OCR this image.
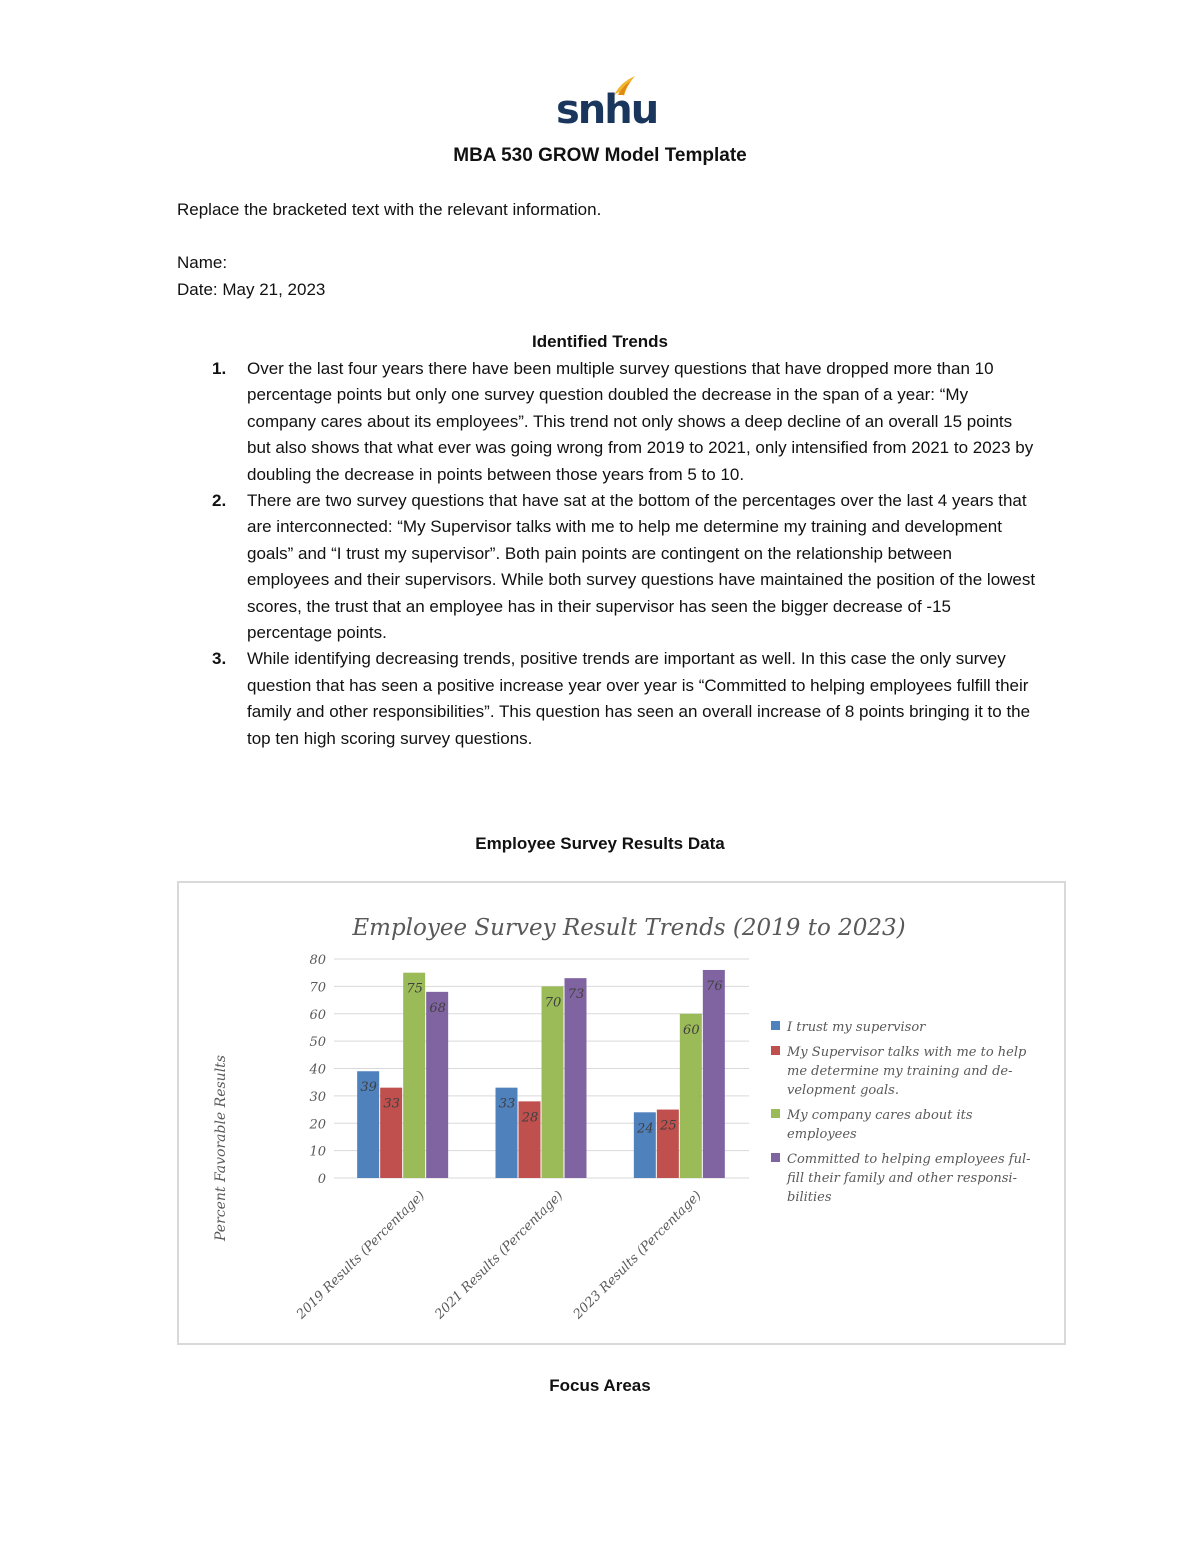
snhu
MBA 530 GROW Model Template

Replace the bracketed text with the relevant information.

Name:

Date: May 21, 2023

Identified Trends

1.	Over the last four years there have been multiple survey questions that have dropped more than 10 percentage points but only one survey question doubled the decrease in the span of a year: “My company cares about its employees”. This trend not only shows a deep decline of an overall 15 points but also shows that what ever was going wrong from 2019 to 2021, only intensified from 2021 to 2023 by doubling the decrease in points between those years from 5 to 10.
2.	There are two survey questions that have sat at the bottom of the percentages over the last 4 years that are interconnected: “My Supervisor talks with me to help me determine my training and development goals” and “I trust my supervisor”. Both pain points are contingent on the relationship between employees and their supervisors. While both survey questions have maintained the position of the lowest scores, the trust that an employee has in their supervisor has seen the bigger decrease of -15 percentage points.
3.	While identifying decreasing trends, positive trends are important as well. In this case the only survey question that has seen a positive increase year over year is “Committed to helping employees fulfill their family and other responsibilities”. This question has seen an overall increase of 8 points bringing it to the top ten high scoring survey questions.

Employee Survey Results Data

Employee Survey Result Trends (2019 to 2023)
Percent Favorable Results	0
10
20
30
40
50
60
70
80
39
33
75
68
2019 Results (Percentage)
33
28
70
73
2021 Results (Percentage)
24 25
60
76
2023 Results (Percentage)
I trust my supervisor
My Supervisor talks with me to help
me determine my training and de-
velopment goals.
My company cares about its
employees
Committed to helping employees ful-
fill their family and other responsi-
bilities

Focus Areas
